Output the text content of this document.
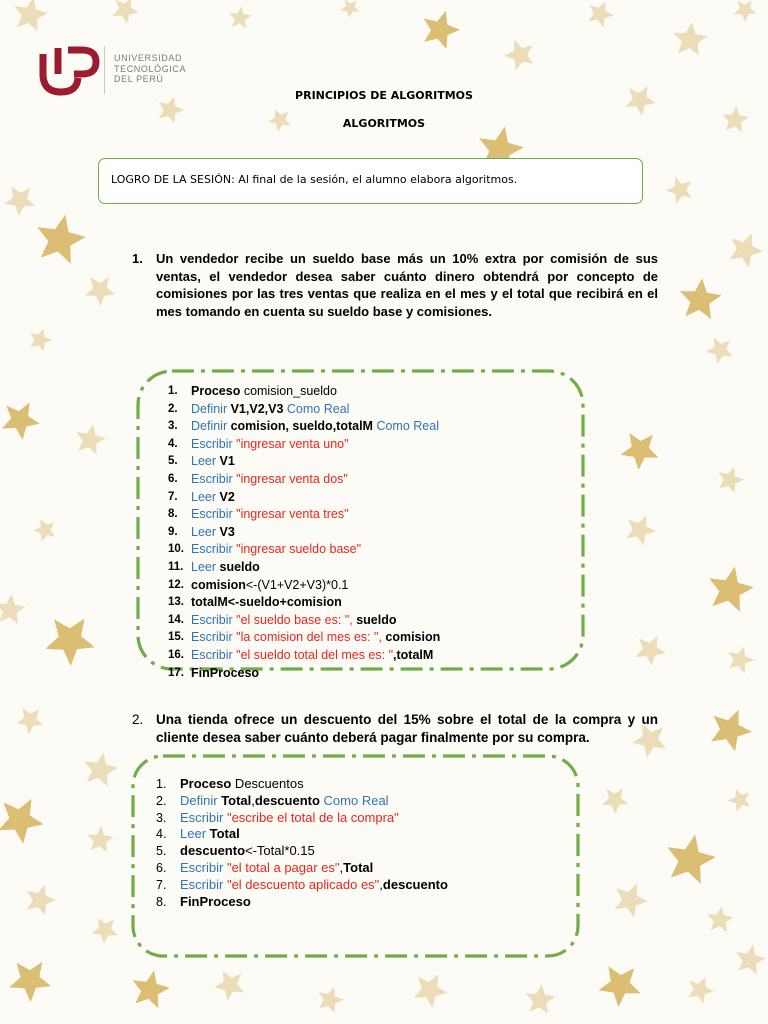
UNIVERSIDAD
TECNOLÓGICA
DEL PERÚ
PRINCIPIOS DE ALGORITMOS
ALGORITMOS
LOGRO DE LA SESIÓN: Al final de la sesión, el alumno elabora algoritmos.
1. Un vendedor recibe un sueldo base más un 10% extra por comisión de sus ventas, el vendedor desea saber cuánto dinero obtendrá por concepto de comisiones por las tres ventas que realiza en el mes y el total que recibirá en el mes tomando en cuenta su sueldo base y comisiones.
1.	Proceso comision_sueldo
2.	Definir V1,V2,V3 Como Real
3.	Definir comision, sueldo,totalM Como Real
4.	Escribir "ingresar venta uno"
5.	Leer V1
6.	Escribir "ingresar venta dos"
7.	Leer V2
8.	Escribir "ingresar venta tres"
9.	Leer V3
10. Escribir "ingresar sueldo base"
11. Leer sueldo
12. comision<-(V1+V2+V3)*0.1
13. totalM<-sueldo+comision
14. Escribir "el sueldo base es: ", sueldo
15. Escribir "la comision del mes es: ", comision
16. Escribir "el sueldo total del mes es: ",totalM
17. FinProceso
2. Una tienda ofrece un descuento del 15% sobre el total de la compra y un cliente desea saber cuánto deberá pagar finalmente por su compra.
1.	Proceso Descuentos
2.	Definir Total,descuento Como Real
3.	Escribir "escribe el total de la compra"
4.	Leer Total
5.	descuento<-Total*0.15
6.	Escribir "el total a pagar es",Total
7.	Escribir "el descuento aplicado es",descuento
8.	FinProceso
